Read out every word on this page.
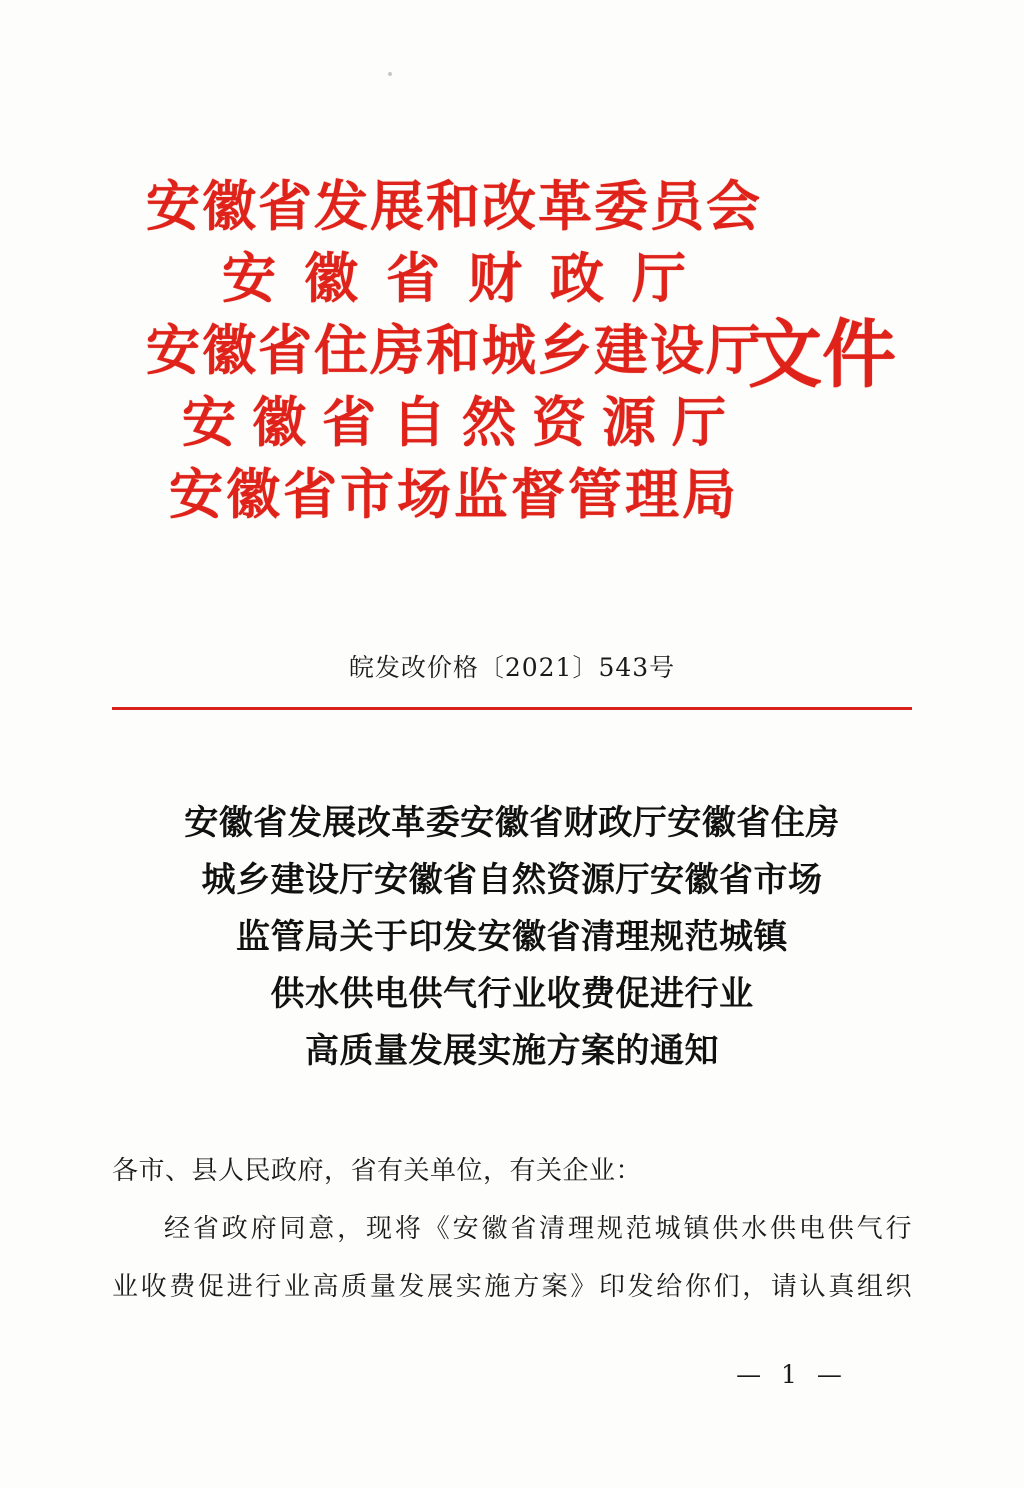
安徽省发展和改革委员会
安徽省财政厅
安徽省住房和城乡建设厅
安徽省自然资源厅
安徽省市场监督管理局
文件
皖发改价格〔2021〕543号
安徽省发展改革委安徽省财政厅安徽省住房
城乡建设厅安徽省自然资源厅安徽省市场
监管局关于印发安徽省清理规范城镇
供水供电供气行业收费促进行业
高质量发展实施方案的通知

各市、县人民政府，省有关单位，有关企业：

经省政府同意，现将《安徽省清理规范城镇供水供电供气行

业收费促进行业高质量发展实施方案》印发给你们，请认真组织

— 1 —
